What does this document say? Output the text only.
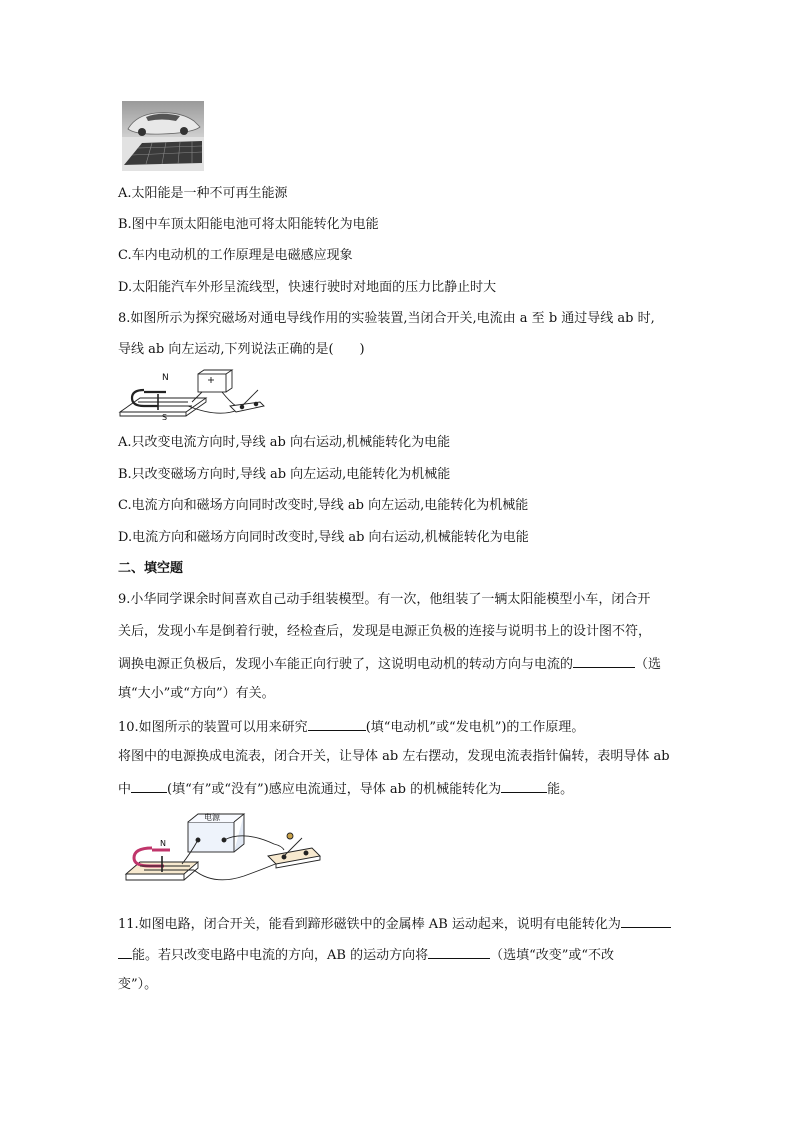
A.太阳能是一种不可再生能源
B.图中车顶太阳能电池可将太阳能转化为电能
C.车内电动机的工作原理是电磁感应现象
D.太阳能汽车外形呈流线型，快速行驶时对地面的压力比静止时大
8.如图所示为探究磁场对通电导线作用的实验装置,当闭合开关,电流由 a 至 b 通过导线 ab 时,
导线 ab 向左运动,下列说法正确的是(　　)
N
S
A.只改变电流方向时,导线 ab 向右运动,机械能转化为电能
B.只改变磁场方向时,导线 ab 向左运动,电能转化为机械能
C.电流方向和磁场方向同时改变时,导线 ab 向左运动,电能转化为机械能
D.电流方向和磁场方向同时改变时,导线 ab 向右运动,机械能转化为电能
二、填空题
9.小华同学课余时间喜欢自己动手组装模型。有一次，他组装了一辆太阳能模型小车，闭合开
关后，发现小车是倒着行驶，经检查后，发现是电源正负极的连接与说明书上的设计图不符，
调换电源正负极后，发现小车能正向行驶了，这说明电动机的转动方向与电流的	（选
填“大小”或“方向”）有关。
10.如图所示的装置可以用来研究	(填“电动机”或“发电机”)的工作原理。
将图中的电源换成电流表，闭合开关，让导体 ab 左右摆动，发现电流表指针偏转，表明导体 ab
中	(填“有”或“没有”)感应电流通过，导体 ab 的机械能转化为	能。
电源
N
11.如图电路，闭合开关，能看到蹄形磁铁中的金属棒 AB 运动起来，说明有电能转化为
能。若只改变电路中电流的方向，AB 的运动方向将	（选填“改变”或“不改
变”）。
